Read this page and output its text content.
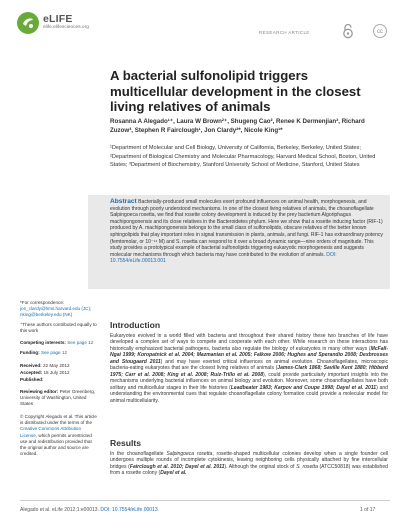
eLIFE
elife.elifesciences.org
RESEARCH ARTICLE	cc
A bacterial sulfonolipid triggers multicellular development in the closest living relatives of animals
Rosanna A Alegado¹⁺, Laura W Brown²⁺, Shugeng Cao², Renee K Dermenjian², Richard Zuzow³, Stephen R Fairclough¹, Jon Clardy²*, Nicole King¹*
¹Department of Molecular and Cell Biology, University of California, Berkeley, Berkeley, United States; ²Department of Biological Chemistry and Molecular Pharmacology, Harvard Medical School, Boston, United States; ³Department of Biochemistry, Stanford University School of Medicine, Stanford, United States
Abstract Bacterially-produced small molecules exert profound influences on animal health, morphogenesis, and evolution through poorly understood mechanisms. In one of the closest living relatives of animals, the choanoflagellate Salpingoeca rosetta, we find that rosette colony development is induced by the prey bacterium Algoriphagus machipongonensis and its close relatives in the Bacteroidetes phylum. Here we show that a rosette inducing factor (RIF-1) produced by A. machipongonensis belongs to the small class of sulfonolipids, obscure relatives of the better known sphingolipids that play important roles in signal transmission in plants, animals, and fungi. RIF-1 has extraordinary potency (femtomolar, or 10⁻¹⁴ M) and S. rosetta can respond to it over a broad dynamic range—nine orders of magnitude. This study provides a prototypical example of bacterial sulfonolipids triggering eukaryotic morphogenesis and suggests molecular mechanisms through which bacteria may have contributed to the evolution of animals. DOI: 10.7554/eLife.00013.001
*For correspondence: jon_clardy@hms.harvard.edu (JC); nking@berkeley.edu (NK)
⁺These authors contributed equally to this work
Competing interests: See page 12
Funding: See page 12
Received: 22 May 2012
Accepted: 18 July 2012
Published:
Reviewing editor: Peter Greenberg, University of Washington, United States
© Copyright Alegado et al. This article is distributed under the terms of the Creative Commons Attribution License, which permits unrestricted use and redistribution provided that the original author and source are credited.
Introduction
Eukaryotes evolved in a world filled with bacteria and throughout their shared history these two branches of life have developed a complex set of ways to compete and cooperate with each other. While research on these interactions has historically emphasized bacterial pathogens, bacteria also regulate the biology of eukaryotes in many other ways (McFall-Ngai 1999; Koropatnick et al. 2004; Mazmanian et al. 2005; Falkow 2006; Hughes and Sperandio 2008; Dexbrosses and Stougaard 2011) and may have exerted critical influences on animal evolution. Choanoflagellates, microscopic bacteria-eating eukaryotes that are the closest living relatives of animals (James-Clark 1868; Saville Kent 1880; Hibberd 1975; Carr et al. 2008; King et al. 2008; Ruiz-Trillo et al. 2008), could provide particularly important insights into the mechanisms underlying bacterial influences on animal biology and evolution. Moreover, some choanoflagellates have both solitary and multicellular stages in their life histories (Leadbeater 1983; Karpov and Coupe 1998; Dayel et al. 2011) and understanding the environmental cues that regulate choanoflagellate colony formation could provide a molecular model for animal multicellularity.
Results
In the choanoflagellate Salpingoeca rosetta, rosette-shaped multicellular colonies develop when a single founder cell undergoes multiple rounds of incomplete cytokinesis, leaving neighboring cells physically attached by fine intercellular bridges (Fairclough et al. 2010; Dayel et al. 2011). Although the original stock of S. rosetta (ATCC50818) was established from a rosette colony (Dayel et al.
Alegado et al. eLife 2012;1:e00013. DOI: 10.7554/eLife.00013	1 of 17
